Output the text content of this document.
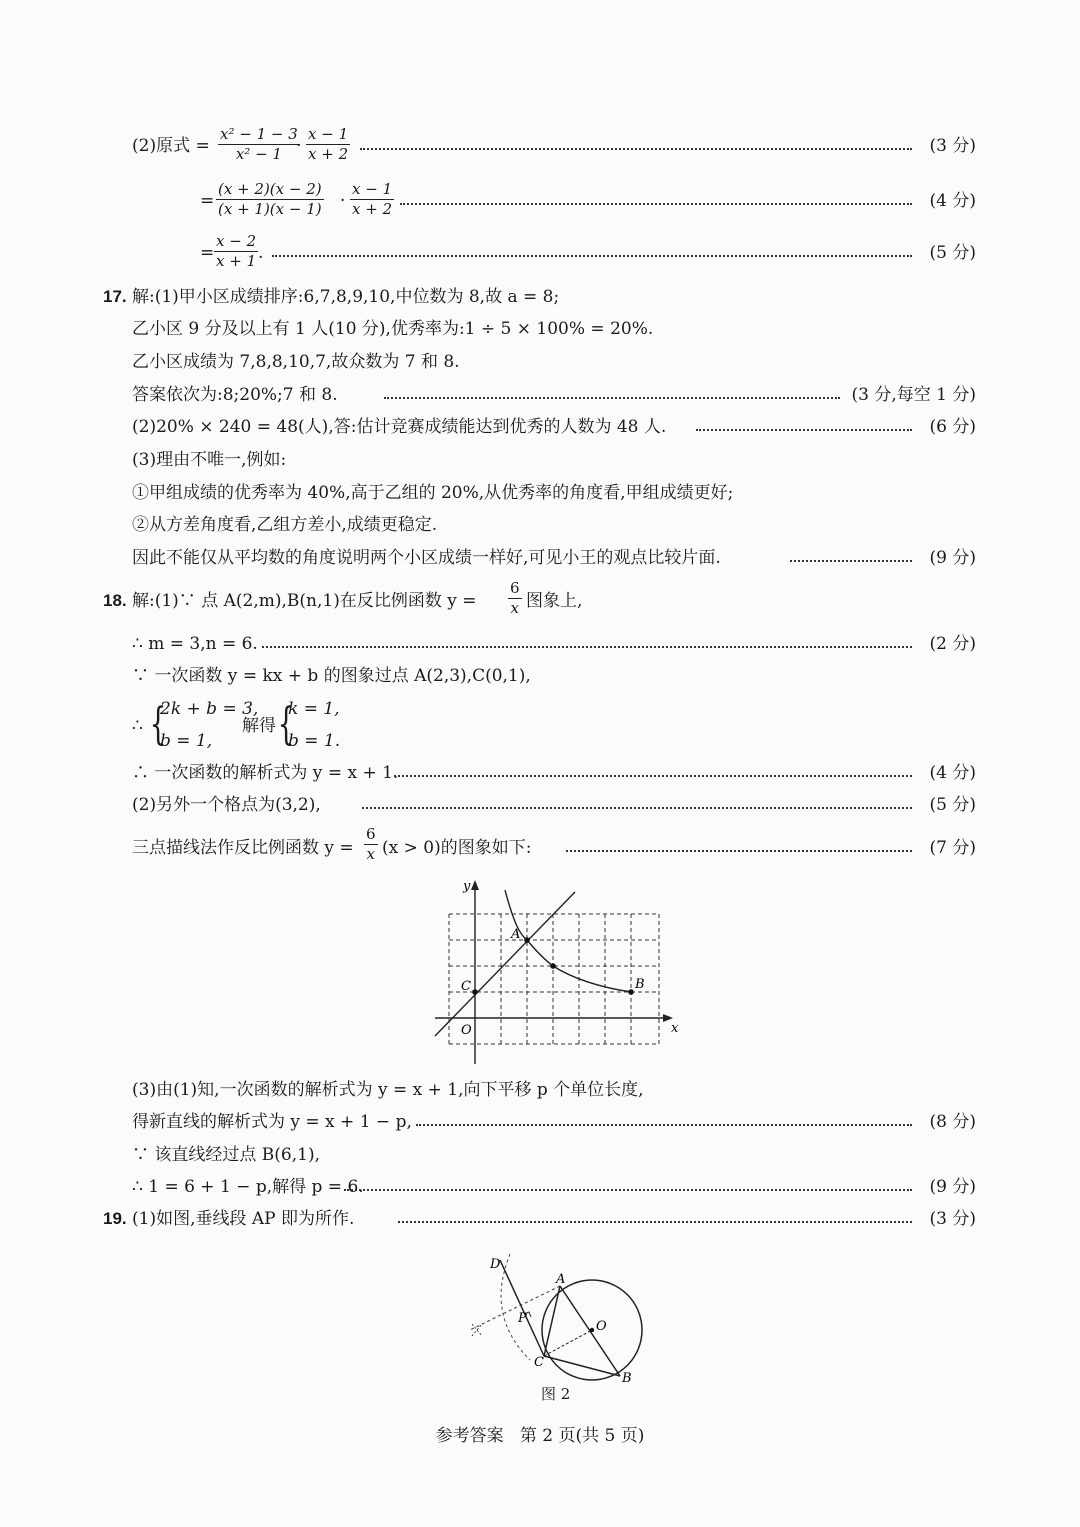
(2)原式 = $\frac{\text{x² − 1 − 3}}{\text{x² − 1}}$
· $\frac{x - 1}{x + 2}$	(3 分)
= $\frac{(x + 2)(x - 2)}{(x + 1)(x - 1)} \cdot \frac{x - 1}{x + 2}$	(4 分)
= $\frac{x - 2}{x + 1}$ .	(5 分)
17. 解:(1)甲小区成绩排序:6,7,8,9,10,中位数为 8,故 a = 8;
乙小区 9 分及以上有 1 人(10 分),优秀率为:1 ÷ 5 × 100% = 20%.
乙小区成绩为 7,8,8,10,7,故众数为 7 和 8.
答案依次为:8;20%;7 和 8.	(3 分,每空 1 分)
(2)20% × 240 = 48(人),答:估计竞赛成绩能达到优秀的人数为 48 人.	(6 分)
(3)理由不唯一,例如:
①甲组成绩的优秀率为 40%,高于乙组的 20%,从优秀率的角度看,甲组成绩更好;
②从方差角度看,乙组方差小,成绩更稳定.
因此不能仅从平均数的角度说明两个小区成绩一样好,可见小王的观点比较片面.	(9 分)
18. 解:(1)∵ 点 A(2,m),B(n,1)在反比例函数 $y = \frac{6}{x}$ 图象上,
∴ m = 3,n = 6.	(2 分)
∵ 一次函数 y = kx + b 的图象过点 A(2,3),C(0,1),
∴ {
2k + b = 3,
b = 1,
解得 {
k = 1,
b = 1.
∴ 一次函数的解析式为 y = x + 1.	(4 分)
(2)另外一个格点为(3,2),	(5 分)
三点描线法作反比例函数 $y = \frac{6}{x} (x > 0)$的图象如下:	(7 分)
y
x
O
A
B
C
(3)由(1)知,一次函数的解析式为 y = x + 1,向下平移 p 个单位长度,
得新直线的解析式为 y = x + 1 − p,	(8 分)
∵ 该直线经过点 B(6,1),
∴ 1 = 6 + 1 − p,解得 p = 6.	(9 分)
19. (1)如图,垂线段 AP 即为所作.	(3 分)
D
A
P
O
C
B
图 2
参考答案   第 2 页(共 5 页)
